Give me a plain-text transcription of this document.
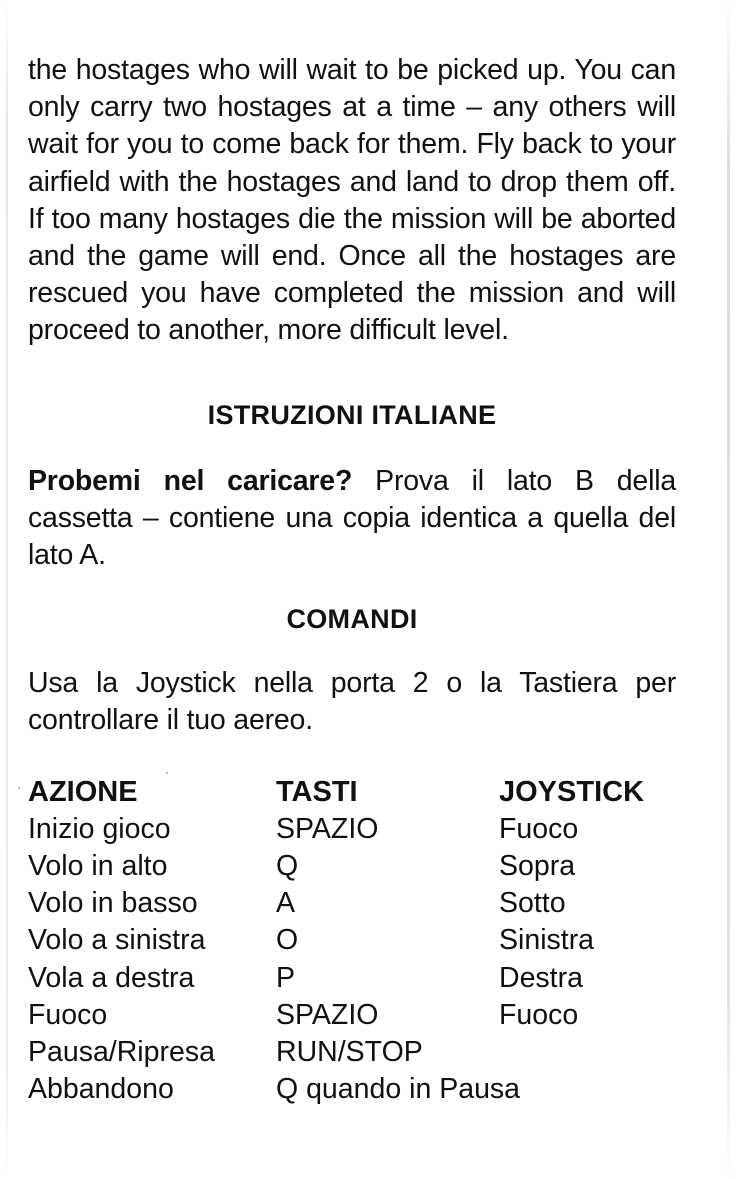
the hostages who will wait to be picked up. You can only carry two hostages at a time – any others will wait for you to come back for them. Fly back to your airfield with the hostages and land to drop them off. If too many hostages die the mission will be aborted and the game will end. Once all the hostages are rescued you have completed the mission and will proceed to another, more difficult level.

ISTRUZIONI ITALIANE

Probemi nel caricare? Prova il lato B della cassetta – contiene una copia identica a quella del lato A.

COMANDI

Usa la Joystick nella porta 2 o la Tastiera per controllare il tuo aereo.

AZIONE	TASTI	JOYSTICK
Inizio gioco	SPAZIO	Fuoco
Volo in alto	Q	Sopra
Volo in basso	A	Sotto
Volo a sinistra	O	Sinistra
Vola a destra	P	Destra
Fuoco	SPAZIO	Fuoco
Pausa/Ripresa	RUN/STOP
Abbandono	Q quando in Pausa
·
·
